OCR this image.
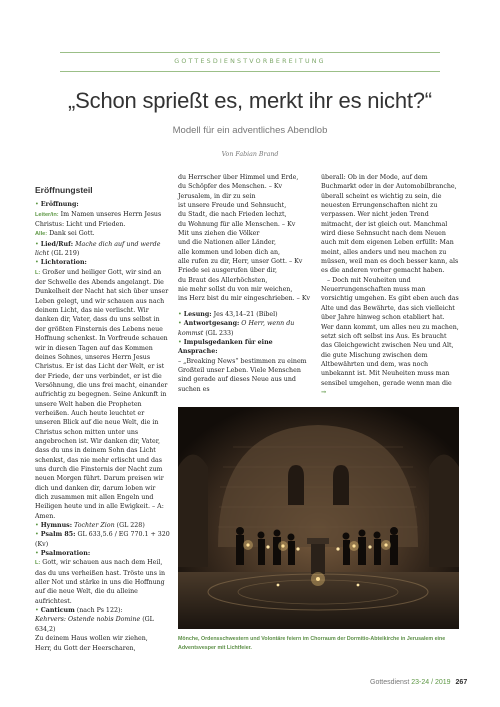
GOTTESDIENSTVORBEREITUNG
„Schon sprießt es, merkt ihr es nicht?“
Modell für ein adventliches Abendlob
Von Fabian Brand

Eröffnungsteil

• Eröffnung:

Leiter/in: Im Namen unseres Herrn Jesus Christus: Licht und Frieden.

Alle: Dank sei Gott.

• Lied/Ruf: Mache dich auf und werde licht (GL 219)

• Lichtoration:

L: Großer und heiliger Gott, wir sind an der Schwelle des Abends angelangt. Die Dunkelheit der Nacht hat sich über unser Leben gelegt, und wir schauen aus nach deinem Licht, das nie verlischt. Wir danken dir, Vater, dass du uns selbst in der größten Finsternis des Lebens neue Hoffnung schenkst. In Vorfreude schauen wir in diesen Tagen auf das Kommen deines Sohnes, unseres Herrn Jesus Christus. Er ist das Licht der Welt, er ist der Friede, der uns verbindet, er ist die Versöhnung, die uns frei macht, einander aufrichtig zu begegnen. Seine Ankunft in unsere Welt haben die Propheten verheißen. Auch heute leuchtet er unseren Blick auf die neue Welt, die in Christus schon mitten unter uns angebrochen ist. Wir danken dir, Vater, dass du uns in deinem Sohn das Licht schenkst, das nie mehr erlischt und das uns durch die Finsternis der Nacht zum neuen Morgen führt. Darum preisen wir dich und danken dir, darum loben wir dich zusammen mit allen Engeln und Heiligen heute und in alle Ewigkeit. – A: Amen.

• Hymnus: Tochter Zion (GL 228)

• Psalm 85: GL 633,5.6 / EG 770.1 + 320 (Kv)

• Psalmoration:

L: Gott, wir schauen aus nach dem Heil, das du uns verheißen hast. Tröste uns in aller Not und stärke in uns die Hoffnung auf die neue Welt, die du alleine aufrichtest.

• Canticum (nach Ps 122):

Kehrvers: Ostende nobis Domine (GL 634,2)

Zu deinem Haus wollen wir ziehen,

Herr, du Gott der Heerscharen,

du Herrscher über Himmel und Erde,

du Schöpfer des Menschen. – Kv

Jerusalem, in dir zu sein

ist unsere Freude und Sehnsucht,

du Stadt, die nach Frieden lechzt,

du Wohnung für alle Menschen. – Kv

Mit uns ziehen die Völker

und die Nationen aller Länder,

alle kommen und loben dich an,

alle rufen zu dir, Herr, unser Gott. – Kv

Friede sei ausgerufen über dir,

du Braut des Allerhöchsten,

nie mehr sollst du von mir weichen,

ins Herz bist du mir eingeschrieben. – Kv

• Lesung: Jes 43,14–21 (Bibel)

• Antwortgesang: O Herr, wenn du kommst (GL 233)

• Impulsgedanken für eine Ansprache:

– „Breaking News“ bestimmen zu einem Großteil unser Leben. Viele Menschen sind gerade auf dieses Neue aus und suchen es

überall: Ob in der Mode, auf dem Buchmarkt oder in der Automobilbranche, überall scheint es wichtig zu sein, die neuesten Errungenschaften nicht zu verpassen. Wer nicht jeden Trend mitmacht, der ist gleich out. Manchmal wird diese Sehnsucht nach dem Neuen auch mit dem eigenen Leben erfüllt: Man meint, alles anders und neu machen zu müssen, weil man es doch besser kann, als es die anderen vorher gemacht haben.

– Doch mit Neuheiten und Neuerrungenschaften muss man vorsichtig umgehen. Es gibt eben auch das Alte und das Bewährte, das sich vielleicht über Jahre hinweg schon etabliert hat. Wer dann kommt, um alles neu zu machen, setzt sich oft selbst ins Aus. Es braucht das Gleichgewicht zwischen Neu und Alt, die gute Mischung zwischen dem Altbewährten und dem, was noch unbekannt ist. Mit Neuheiten muss man sensibel umgehen, gerade wenn man die →

Mönche, Ordensschwestern und Volontäre feiern im Chorraum der Dormitio-Abteikirche in Jerusalem eine Adventsvesper mit Lichtfeier.
Gottesdienst 23-24 / 2019 267
